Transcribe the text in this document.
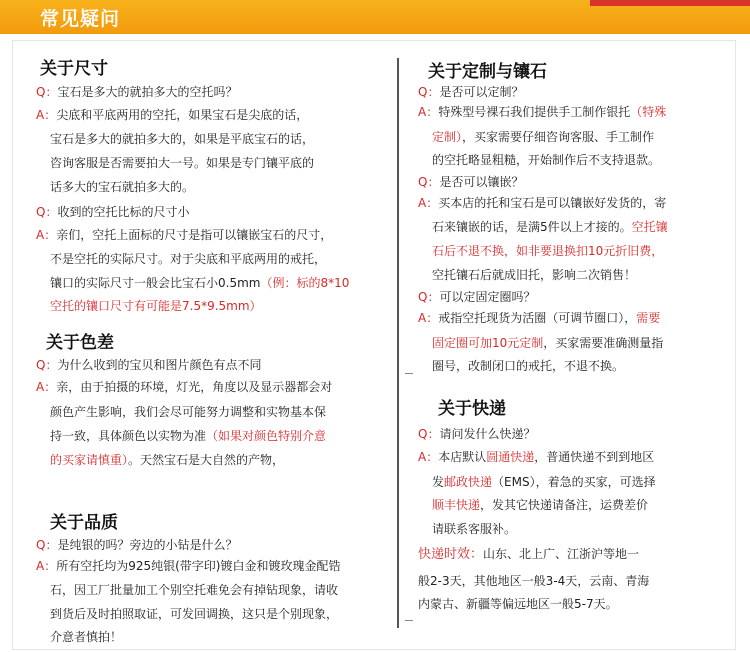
常见疑问
关于尺寸
Q：宝石是多大的就拍多大的空托吗？
A：尖底和平底两用的空托，如果宝石是尖底的话，
宝石是多大的就拍多大的，如果是平底宝石的话，
咨询客服是否需要拍大一号。如果是专门镶平底的
话多大的宝石就拍多大的。
Q：收到的空托比标的尺寸小
A：亲们，空托上面标的尺寸是指可以镶嵌宝石的尺寸，
不是空托的实际尺寸。对于尖底和平底两用的戒托，
镶口的实际尺寸一般会比宝石小0.5mm（例：标的8*10
空托的镶口尺寸有可能是7.5*9.5mm）
关于色差
Q：为什么收到的宝贝和图片颜色有点不同
A：亲，由于拍摄的环境，灯光，角度以及显示器都会对
颜色产生影响，我们会尽可能努力调整和实物基本保
持一致，具体颜色以实物为准（如果对颜色特别介意
的买家请慎重）。天然宝石是大自然的产物，
关于品质
Q：是纯银的吗？旁边的小钻是什么？
A：所有空托均为925纯银(带字印)镀白金和镀玫瑰金配锆
石，因工厂批量加工个别空托难免会有掉钻现象，请收
到货后及时拍照取证，可发回调换，这只是个别现象，
介意者慎拍！
关于定制与镶石
Q：是否可以定制？
A：特殊型号裸石我们提供手工制作银托（特殊
定制），买家需要仔细咨询客服、手工制作
的空托略显粗糙，开始制作后不支持退款。
Q：是否可以镶嵌？
A：买本店的托和宝石是可以镶嵌好发货的，寄
石来镶嵌的话，是满5件以上才接的。空托镶
石后不退不换，如非要退换扣10元折旧费，
空托镶石后就成旧托，影响二次销售！
Q：可以定固定圈吗？
A：戒指空托现货为活圈（可调节圈口），需要
固定圈可加10元定制，买家需要准确测量指
圈号，改制闭口的戒托，不退不换。
关于快递
Q：请问发什么快递？
A：本店默认圆通快递，普通快递不到到地区
发邮政快递（EMS），着急的买家，可选择
顺丰快递，发其它快递请备注，运费差价
请联系客服补。
快递时效：山东、北上广、江浙沪等地一
般2-3天，其他地区一般3-4天，云南、青海
内蒙古、新疆等偏远地区一般5-7天。
